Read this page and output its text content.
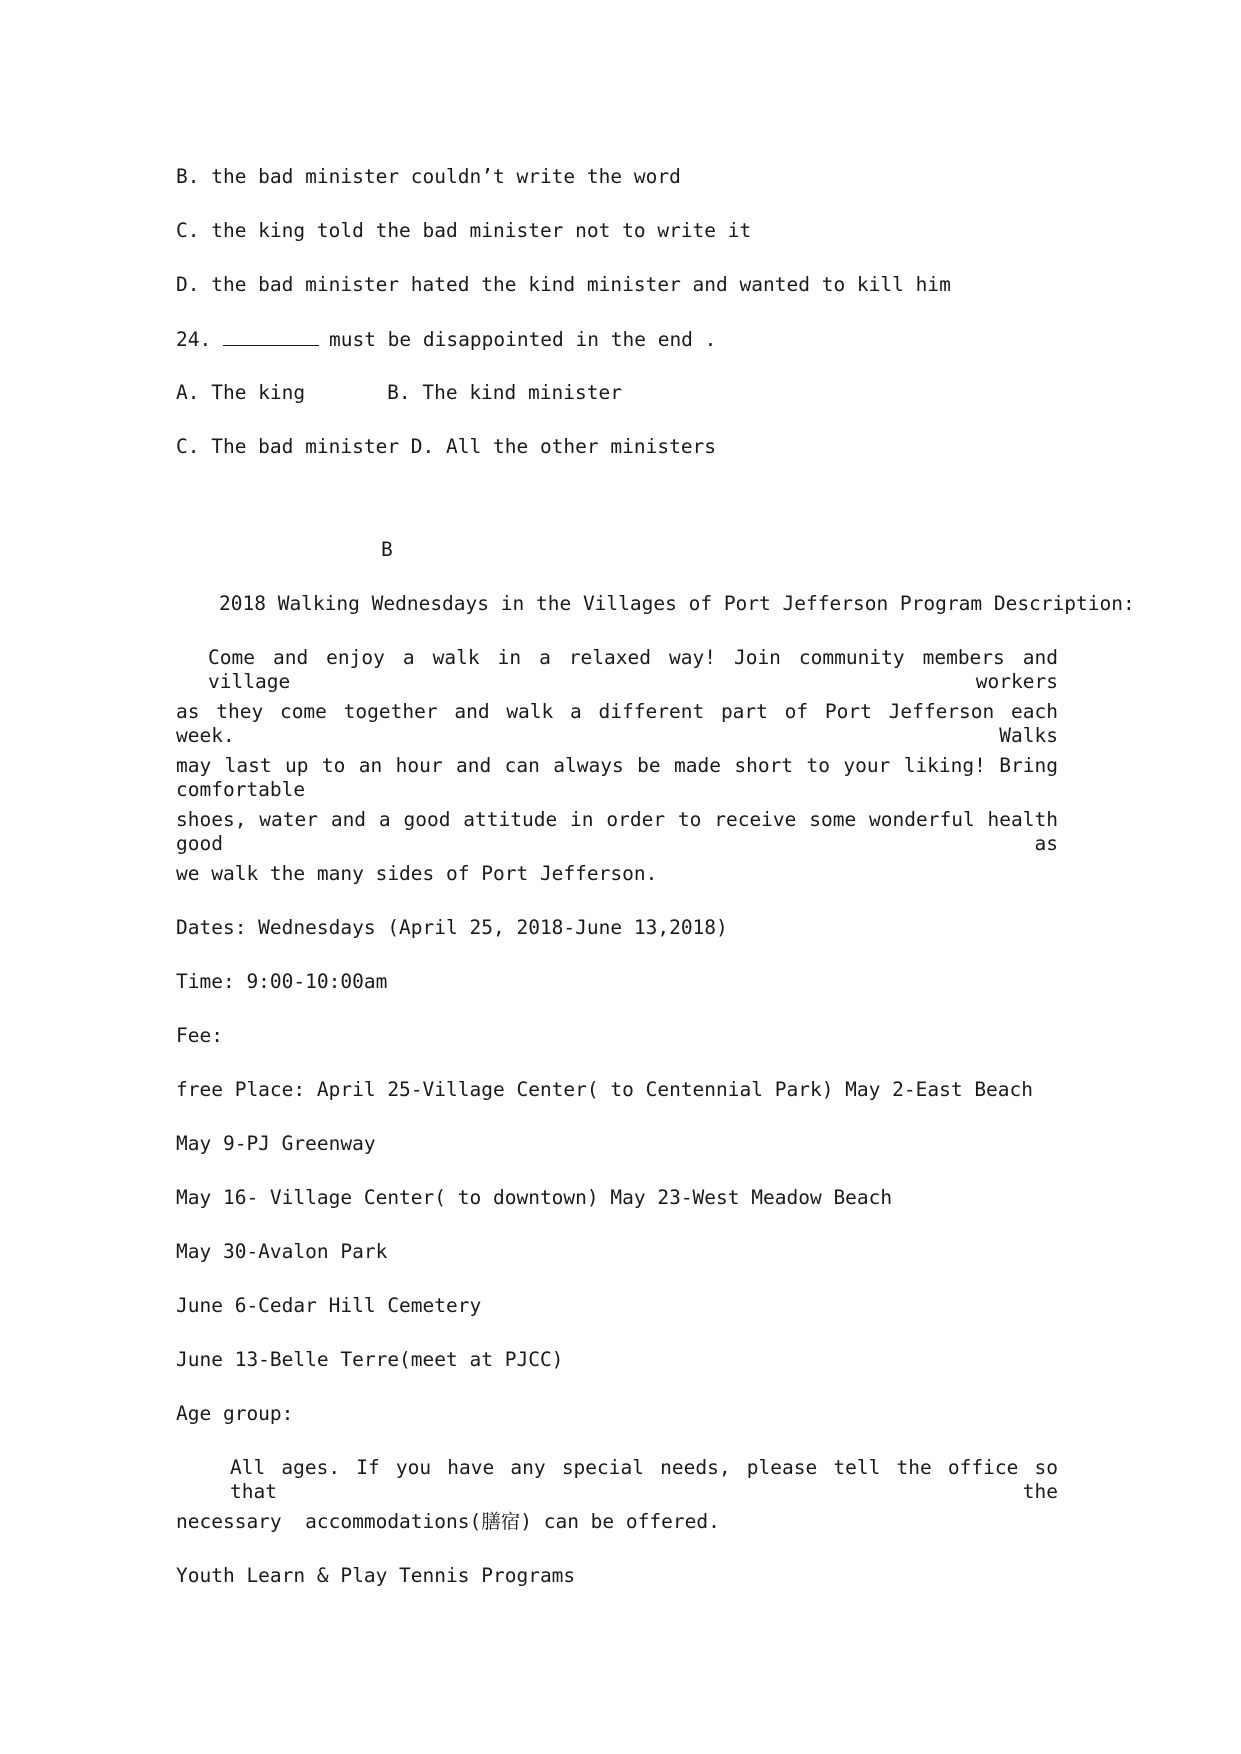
B. the bad minister couldn’t write the word
C. the king told the bad minister not to write it
D. the bad minister hated the kind minister and wanted to kill him
24.	must be disappointed in the end .
A. The king	B. The kind minister
C. The bad minister D. All the other ministers
B
2018 Walking Wednesdays in the Villages of Port Jefferson Program Description:
Come and enjoy a walk in a relaxed way! Join community members and village workers
as they come together and walk a different part of Port Jefferson each week. Walks
may last up to an hour and can always be made short to your liking! Bring comfortable
shoes, water and a good attitude in order to receive some wonderful health good as
we walk the many sides of Port Jefferson.
Dates: Wednesdays (April 25, 2018-June 13,2018)
Time: 9:00-10:00am
Fee:
free Place: April 25-Village Center( to Centennial Park) May 2-East Beach
May 9-PJ Greenway
May 16- Village Center( to downtown) May 23-West Meadow Beach
May 30-Avalon Park
June 6-Cedar Hill Cemetery
June 13-Belle Terre(meet at PJCC)
Age group:
All ages. If you have any special needs, please tell the office so that the
necessary  accommodations(膳宿) can be offered.
Youth Learn & Play Tennis Programs
